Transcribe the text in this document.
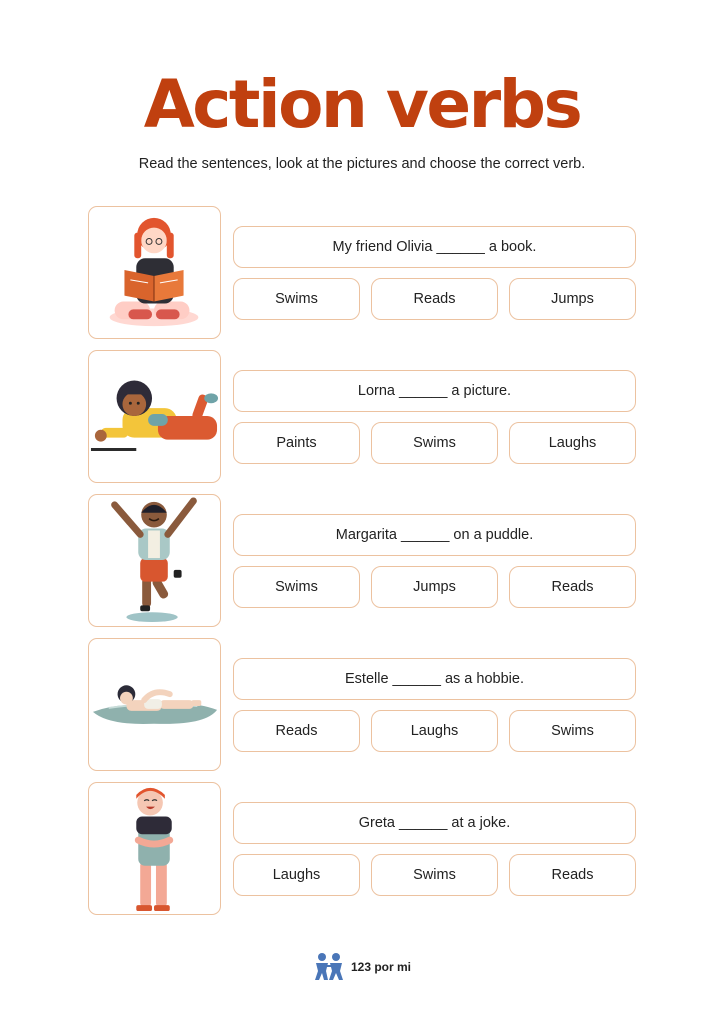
Action verbs
Read the sentences, look at the pictures and choose the correct verb.
My friend Olivia ______ a book.
Swims	Reads	Jumps
Lorna ______ a picture.
Paints	Swims	Laughs
Margarita ______ on a puddle.
Swims	Jumps	Reads
Estelle ______ as a hobbie.
Reads	Laughs	Swims
Greta ______ at a joke.
Laughs	Swims	Reads
123 por mi
